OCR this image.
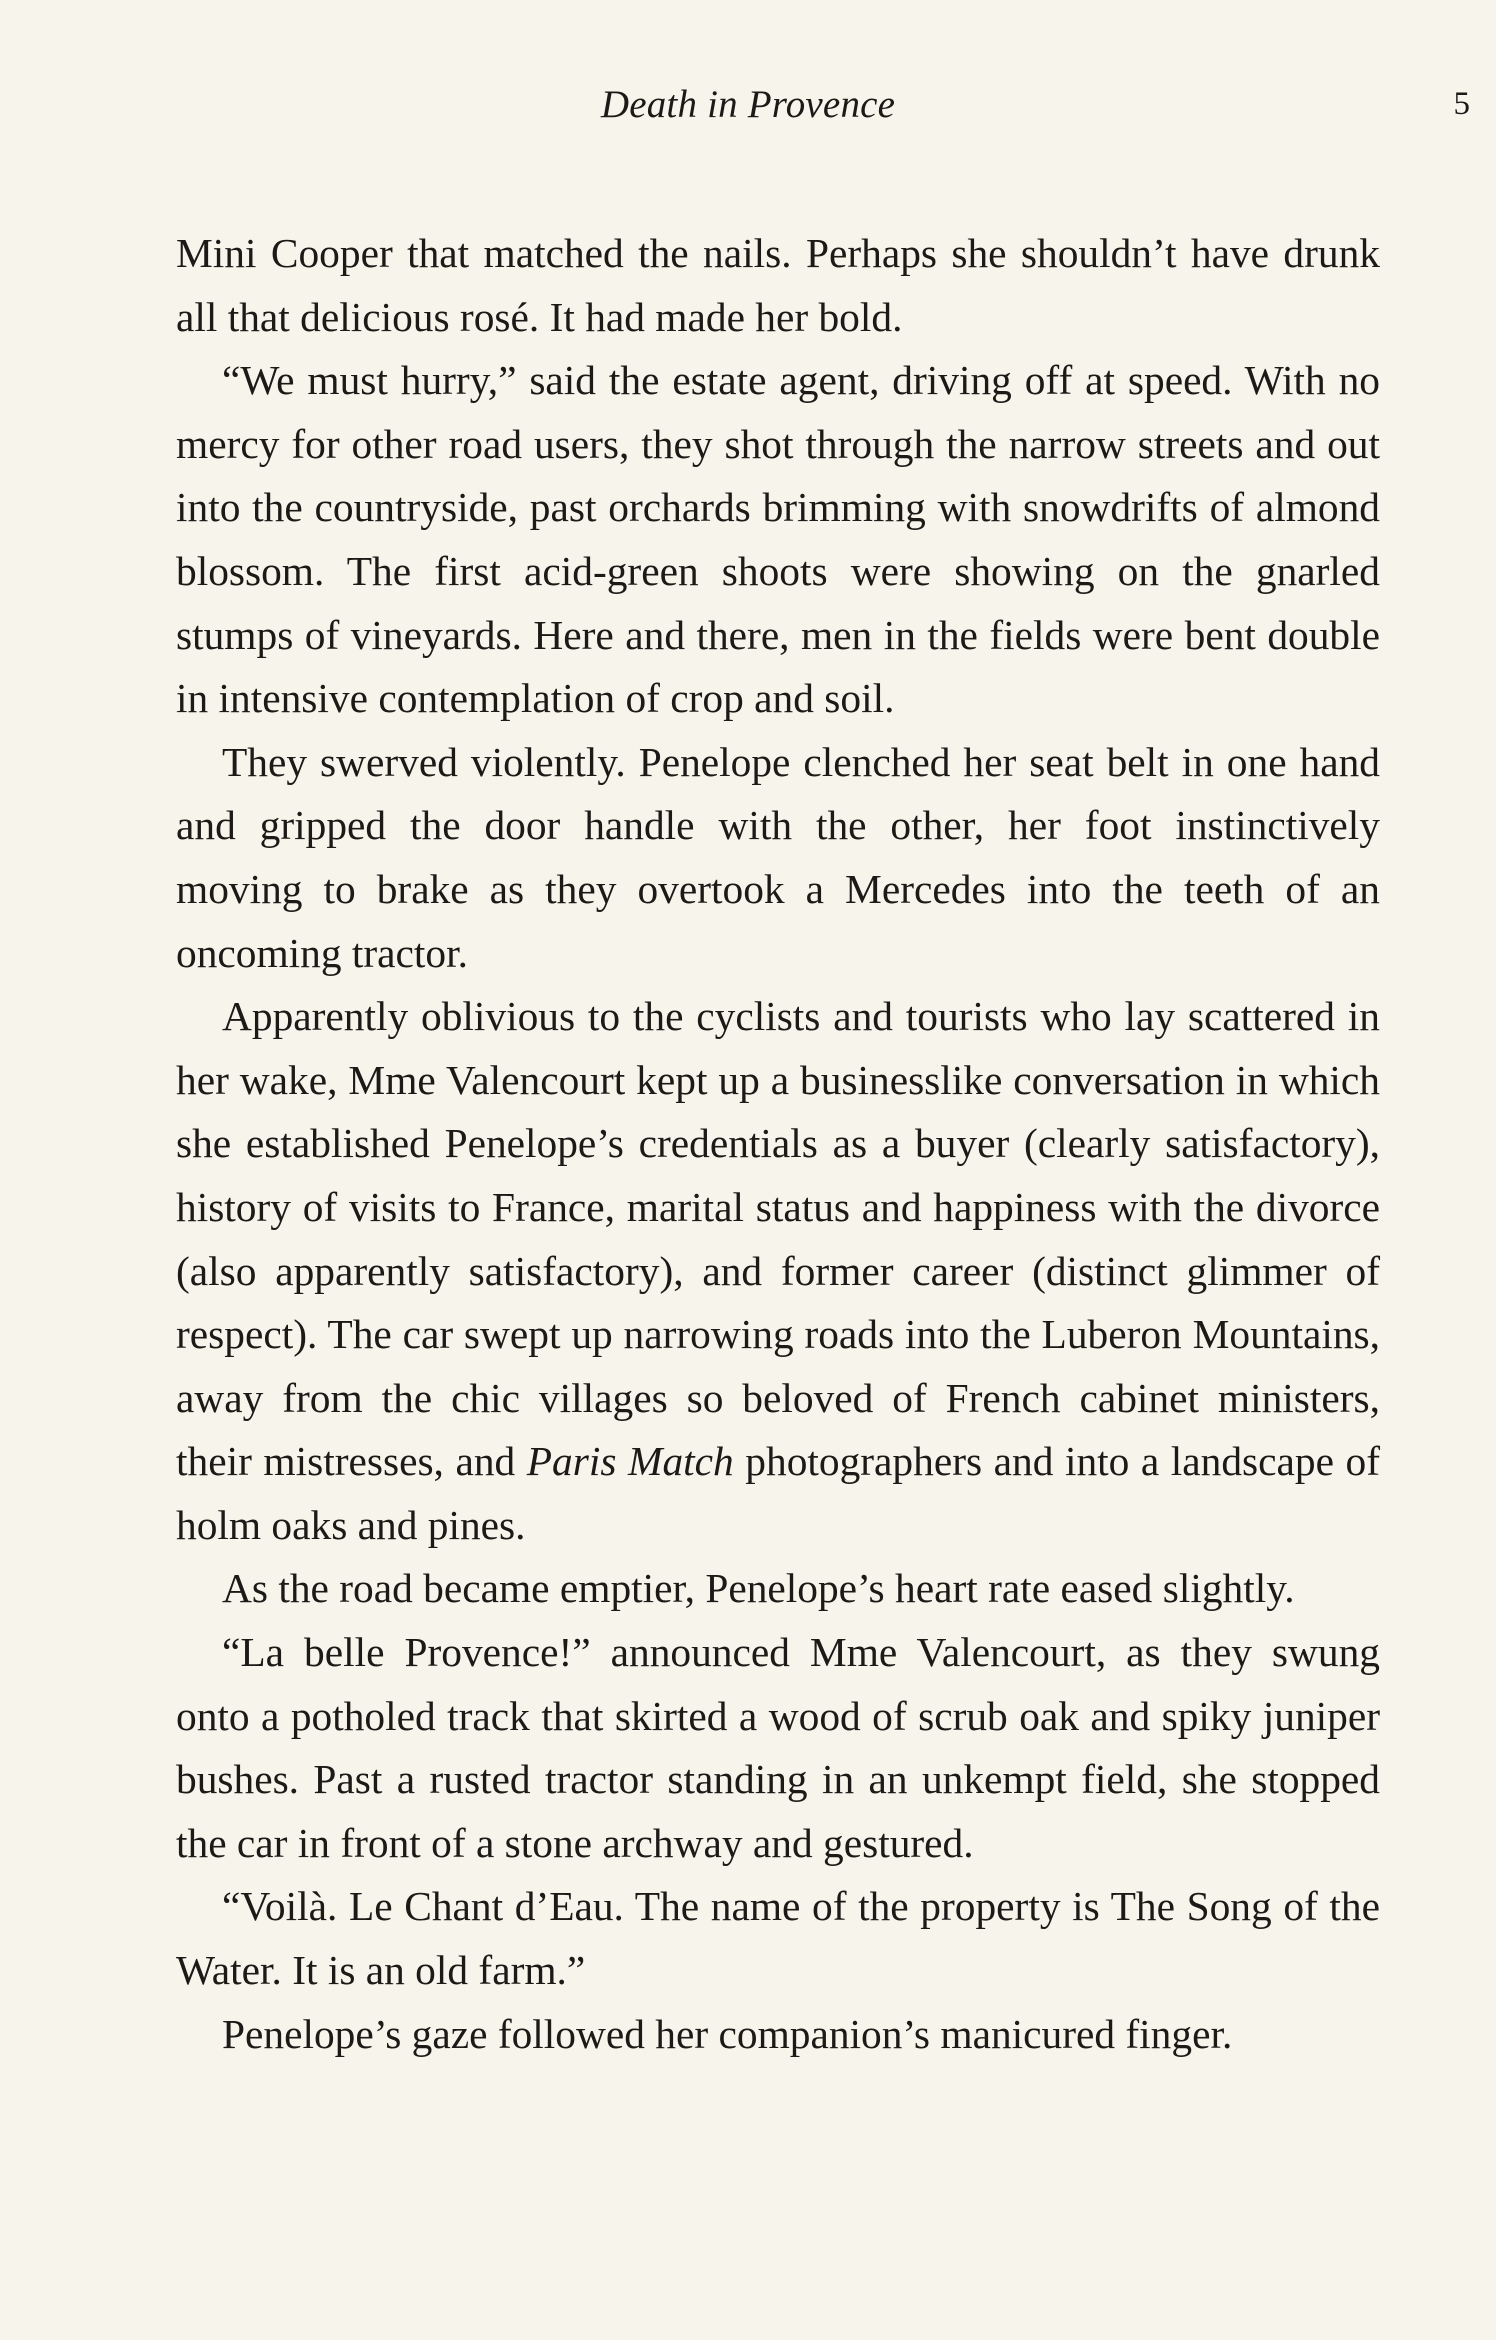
Death in Provence	5

Mini Cooper that matched the nails. Perhaps she shouldn’t have drunk all that delicious rosé. It had made her bold.

“We must hurry,” said the estate agent, driving off at speed. With no mercy for other road users, they shot through the narrow streets and out into the countryside, past orchards brimming with snowdrifts of almond blossom. The first acid-green shoots were showing on the gnarled stumps of vineyards. Here and there, men in the fields were bent double in intensive contemplation of crop and soil.

They swerved violently. Penelope clenched her seat belt in one hand and gripped the door handle with the other, her foot instinctively moving to brake as they overtook a Mercedes into the teeth of an oncoming tractor.

Apparently oblivious to the cyclists and tourists who lay scattered in her wake, Mme Valencourt kept up a businesslike conversation in which she established Penelope’s credentials as a buyer (clearly satisfactory), history of visits to France, marital status and happiness with the divorce (also apparently satisfactory), and former career (distinct glimmer of respect). The car swept up narrowing roads into the Luberon Mountains, away from the chic villages so beloved of French cabinet ministers, their mistresses, and Paris Match photographers and into a landscape of holm oaks and pines.

As the road became emptier, Penelope’s heart rate eased slightly.

“La belle Provence!” announced Mme Valencourt, as they swung onto a potholed track that skirted a wood of scrub oak and spiky juniper bushes. Past a rusted tractor standing in an unkempt field, she stopped the car in front of a stone archway and gestured.

“Voilà. Le Chant d’Eau. The name of the property is The Song of the Water. It is an old farm.”

Penelope’s gaze followed her companion’s manicured finger.
